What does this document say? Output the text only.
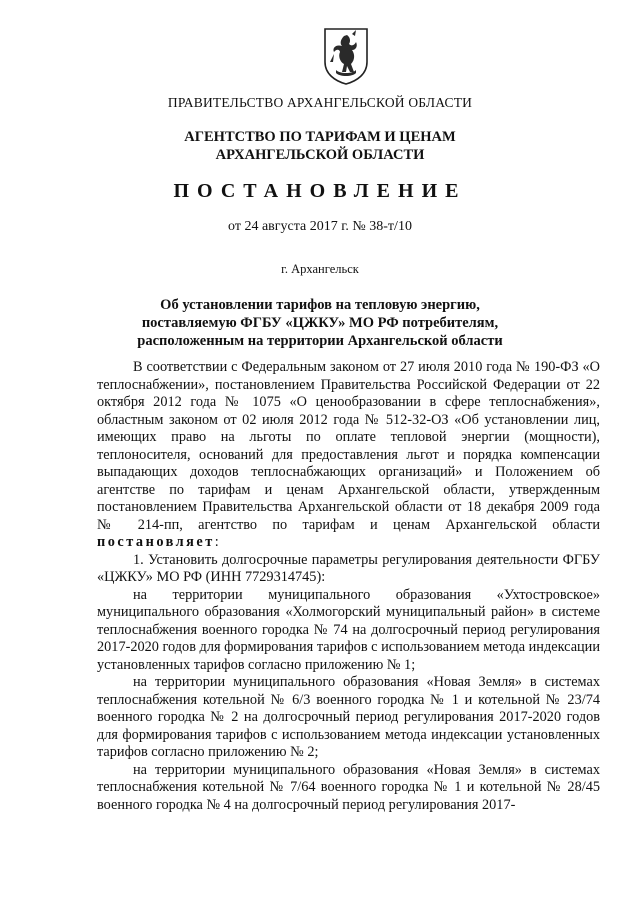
ПРАВИТЕЛЬСТВО АРХАНГЕЛЬСКОЙ ОБЛАСТИ
АГЕНТСТВО ПО ТАРИФАМ И ЦЕНАМ
АРХАНГЕЛЬСКОЙ ОБЛАСТИ
ПОСТАНОВЛЕНИЕ
от 24 августа 2017 г. № 38-т/10
г. Архангельск
Об установлении тарифов на тепловую энергию,
поставляемую ФГБУ «ЦЖКУ» МО РФ потребителям,
расположенным на территории Архангельской области

В соответствии с Федеральным законом от 27 июля 2010 года № 190-ФЗ «О теплоснабжении», постановлением Правительства Российской Федерации от 22 октября 2012 года № 1075 «О ценообразовании в сфере теплоснабжения», областным законом от 02 июля 2012 года № 512-32-ОЗ «Об установлении лиц, имеющих право на льготы по оплате тепловой энергии (мощности), теплоносителя, оснований для предоставления льгот и порядка компенсации выпадающих доходов теплоснабжающих организаций» и Положением об агентстве по тарифам и ценам Архангельской области, утвержденным постановлением Правительства Архангельской области от 18 декабря 2009 года № 214-пп, агентство по тарифам и ценам Архангельской области постановляет:

1. Установить долгосрочные параметры регулирования деятельности ФГБУ «ЦЖКУ» МО РФ (ИНН 7729314745):

на территории муниципального образования «Ухтостровское» муниципального образования «Холмогорский муниципальный район» в системе теплоснабжения военного городка № 74 на долгосрочный период регулирования 2017-2020 годов для формирования тарифов с использованием метода индексации установленных тарифов согласно приложению № 1;

на территории муниципального образования «Новая Земля» в системах теплоснабжения котельной № 6/3 военного городка № 1 и котельной № 23/74 военного городка № 2 на долгосрочный период регулирования 2017-2020 годов для формирования тарифов с использованием метода индексации установленных тарифов согласно приложению № 2;

на территории муниципального образования «Новая Земля» в системах теплоснабжения котельной № 7/64 военного городка № 1 и котельной № 28/45 военного городка № 4 на долгосрочный период регулирования 2017-
